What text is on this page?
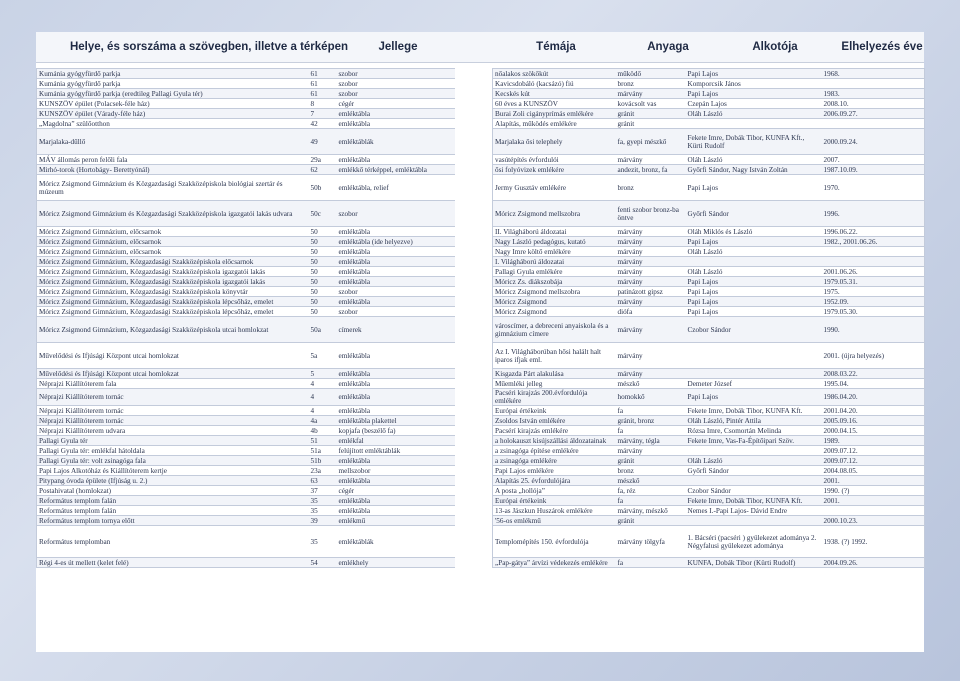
Helye, és sorszáma a szövegben, illetve a térképen	Jellege	Témája	Anyaga	Alkotója	Elhelyezés éve
Kumánia gyógyfürdő parkja	61	szobor		nőalakos szökőkút	működő	Papi Lajos	1968.
Kumánia gyógyfürdő parkja	61	szobor		Kavicsdobáló (kacsázó) fiú	bronz	Komporcsik János	
Kumánia gyógyfürdő parkja (eredtileg Pallagi Gyula tér)	61	szobor		Kecskés kút	márvány	Papi Lajos	1983.
KUNSZÖV épület (Polacsek-féle ház)	8	cégér		60 éves a KUNSZÖV	kovácsolt vas	Czepán Lajos	2008.10.
KUNSZÖV épület (Várady-féle ház)	7	emléktábla		Burai Zoli cigányprímás emlékére	gránit	Oláh László	2006.09.27.
„Magdolna” szülőotthon	42	emléktábla		Alapítás, működés emlékére	gránit		
Marjalaka-dűllő	49	emléktáblák		Marjalaka ősi telephely	fa, gyepi mészkő	Fekete Imre, Dobák Tibor, KUNFA Kft., Kürti Rudolf	2000.09.24.
MÁV állomás peron felőli fala	29a	emléktábla		vasútépítés évfordulói	márvány	Oláh László	2007.
Mirhó-torok (Hortobágy- Berettyónál)	62	emlékkő térképpel, emléktábla		ősi folyóvizek emlékére	andezit, bronz, fa	Győrfi Sándor, Nagy István Zoltán	1987.10.09.
Móricz Zsigmond Gimnázium és Közgazdasági Szakközépiskola biológiai szertár és múzeum	50b	emléktábla, relief		Jermy Gusztáv emlékére	bronz	Papi Lajos	1970.
Móricz Zsigmond Gimnázium és Közgazdasági Szakközépiskola igazgatói lakás udvara	50c	szobor		Móricz Zsigmond mellszobra	fenti szobor bronz-ba öntve	Győrfi Sándor	1996.
Móricz Zsigmond Gimnázium, előcsarnok	50	emléktábla		II. Világháború áldozatai	márvány	Oláh Miklós és László	1996.06.22.
Móricz Zsigmond Gimnázium, előcsarnok	50	emléktábla (ide helyezve)		Nagy László pedagógus, kutató	márvány	Papi Lajos	1982., 2001.06.26.
Móricz Zsigmond Gimnázium, előcsarnok	50	emléktábla		Nagy Imre költő emlékére	márvány	Oláh László	
Móricz Zsigmond Gimnázium, Közgazdasági Szakközépiskola előcsarnok	50	emléktábla		I. Világháború áldozatai	márvány		
Móricz Zsigmond Gimnázium, Közgazdasági Szakközépiskola igazgatói lakás	50	emléktábla		Pallagi Gyula emlékére	márvány	Oláh László	2001.06.26.
Móricz Zsigmond Gimnázium, Közgazdasági Szakközépiskola igazgatói lakás	50	emléktábla		Móricz Zs. diákszobája	márvány	Papi Lajos	1979.05.31.
Móricz Zsigmond Gimnázium, Közgazdasági Szakközépiskola könyvtár	50	szobor		Móricz Zsigmond mellszobra	patinázott gipsz	Papi Lajos	1975.
Móricz Zsigmond Gimnázium, Közgazdasági Szakközépiskola lépcsőház, emelet	50	emléktábla		Móricz Zsigmond	márvány	Papi Lajos	1952.09.
Móricz Zsigmond Gimnázium, Közgazdasági Szakközépiskola lépcsőház, emelet	50	szobor		Móricz Zsigmond	diófa	Papi Lajos	1979.05.30.
Móricz Zsigmond Gimnázium, Közgazdasági Szakközépiskola utcai homlokzat	50a	címerek		városcímer, a debreceni anyaiskola és a gimnázium címere	márvány	Czobor Sándor	1990.
Művelődési és Ifjúsági Központ utcai homlokzat	5a	emléktábla		Az I. Világháborúban hősi halált halt iparos ifjak eml.	márvány		2001. (újra helyezés)
Művelődési és Ifjúsági Központ utcai homlokzat	5	emléktábla		Kisgazda Párt alakulása	márvány		2008.03.22.
Néprajzi Kiállítóterem fala	4	emléktábla		Műemléki jelleg	mészkő	Demeter József	1995.04.
Néprajzi Kiállítóterem tornác	4	emléktábla		Pacséri kirajzás 200.évfordulója emlékére	homokkő	Papi Lajos	1986.04.20.
Néprajzi Kiállítóterem tornác	4	emléktábla		Európai értékeink	fa	Fekete Imre, Dobák Tibor, KUNFA Kft.	2001.04.20.
Néprajzi Kiállítóterem tornác	4a	emléktábla plakettel		Zsoldos István emlékére	gránit, bronz	Oláh László, Pintér Attila	2005.09.16.
Néprajzi Kiállítóterem udvara	4b	kopjafa (beszélő fa)		Pacsérí kirajzás emlékére	fa	Rózsa Imre, Csomortán Melinda	2000.04.15.
Pallagi Gyula tér	51	emlékfal		a holokauszt kisújszállási áldozatainak	márvány, tégla	Fekete Imre, Vas-Fa-Építőipari Szöv.	1989.
Pallagi Gyula tér: emlékfal hátoldala	51a	felújított emléktáblák		a zsinagóga építése emlékére	márvány		2009.07.12.
Pallagi Gyula tér: volt zsinagóga fala	51b	emléktábla		a zsinagóga emlékére	gránit	Oláh László	2009.07.12.
Papi Lajos Alkotóház és Kiállítóterem kertje	23a	mellszobor		Papi Lajos emlékére	bronz	Győrfi Sándor	2004.08.05.
Pitypang óvoda épülete (Ifjúság u. 2.)	63	emléktábla		Alapítás 25. évfordulójára	mészkő		2001.
Postahivatal (homlokzat)	37	cégér		A posta „hollója”	fa, réz	Czobor Sándor	1990. (?)
Református templom falán	35	emléktábla		Európai értékeink	fa	Fekete Imre, Dobák Tibor, KUNFA Kft.	2001.
Református templom falán	35	emléktábla		13-as Jászkun Huszárok emlékére	márvány, mészkő	Nemes I.-Papi Lajos- Dávid Endre	
Református templom tornya előtt	39	emlékmű		'56-os emlékmű	gránit		2000.10.23.
Református templomban	35	emléktáblák		Templomépítés 150. évfordulója	márvány tölgyfa	1. Bácséri (pacséri ) gyülekezet adományа 2. Négyfalusi gyülekezet adománya	1938. (?) 1992.
Régi 4-es út mellett (kelet felé)	54	emlékhely		„Pap-gátyа” árvízi védekezés emlékére	fa	KUNFA, Dobák Tibor (Kürti Rudolf)	2004.09.26.
